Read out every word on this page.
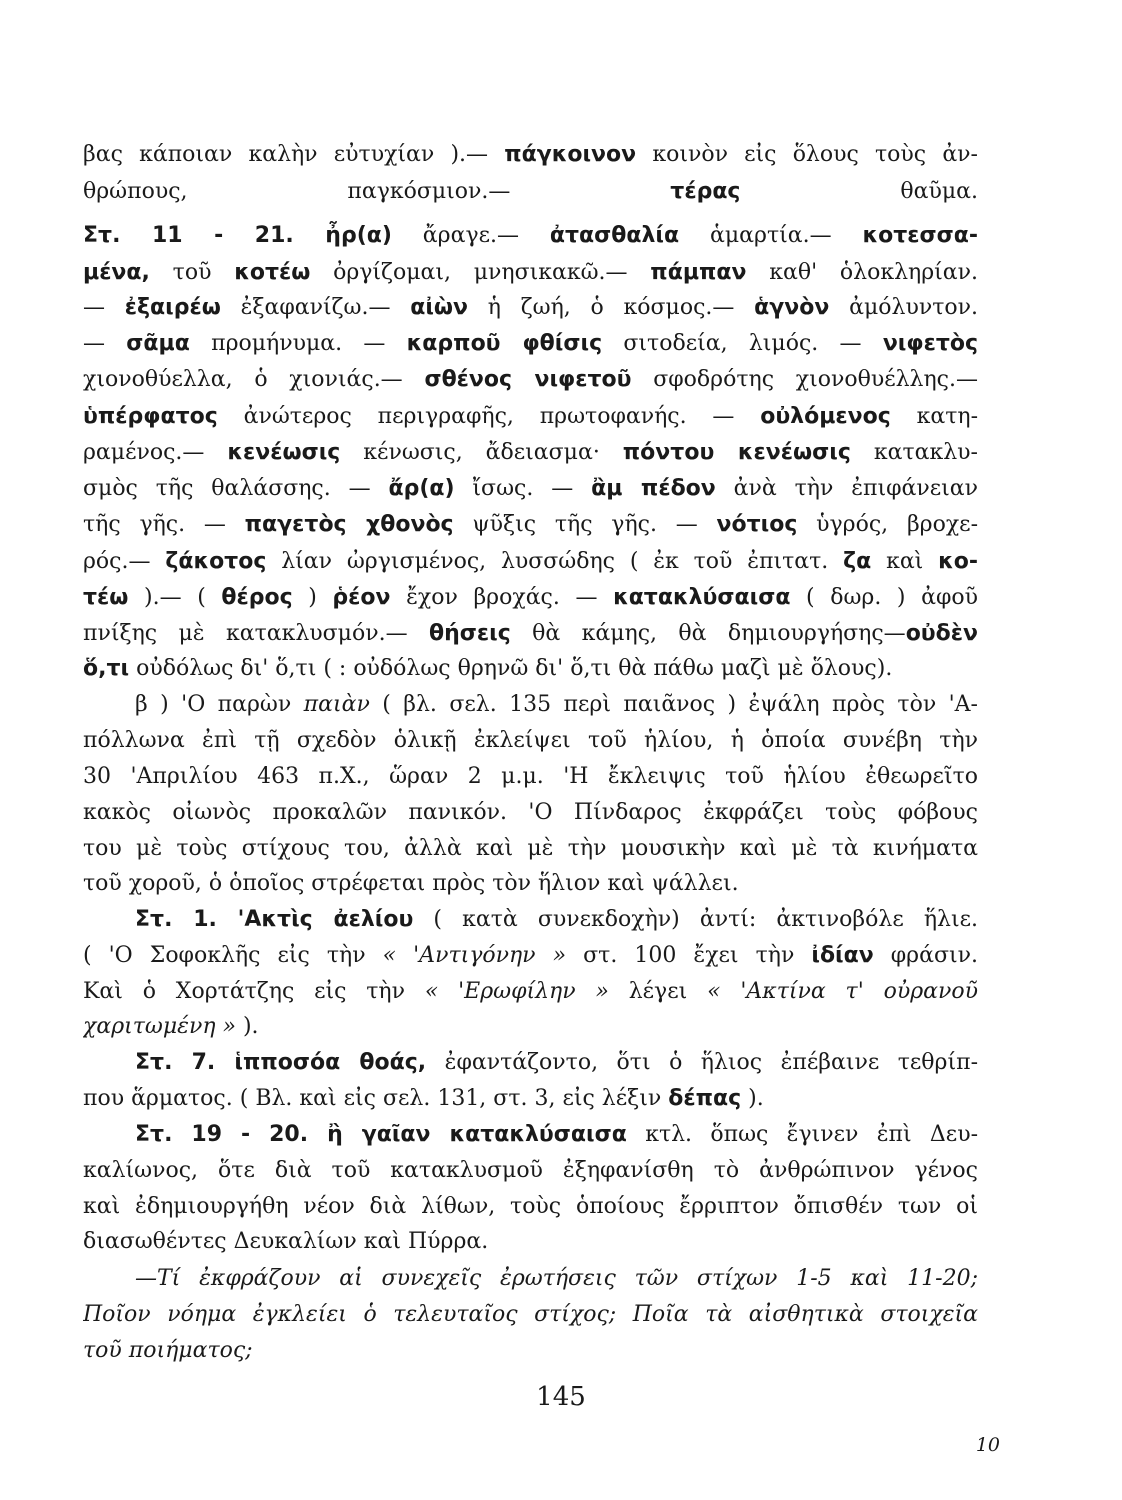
βας κάποιαν καλὴν εὐτυχίαν ).— πάγκοινον κοινὸν εἰς ὅλους τοὺς ἀν-
θρώπους, παγκόσμιον.— τέρας θαῦμα.
Στ. 11 - 21. ἦρ(α) ἄραγε.— ἀτασθαλία ἁμαρτία.— κοτεσσα-
μένα, τοῦ κοτέω ὀργίζομαι, μνησικακῶ.— πάμπαν καθ' ὁλοκληρίαν.
— ἐξαιρέω ἐξαφανίζω.— αἰὼν ἡ ζωή, ὁ κόσμος.— ἁγνὸν ἀμόλυντον.
— σᾶμα προμήνυμα. — καρποῦ φθίσις σιτοδεία, λιμός. — νιφετὸς
χιονοθύελλα, ὁ χιονιάς.— σθένος νιφετοῦ σφοδρότης χιονοθυέλλης.—
ὑπέρφατος ἀνώτερος περιγραφῆς, πρωτοφανής. — οὐλόμενος κατη-
ραμένος.— κενέωσις κένωσις, ἄδειασμα· πόντου κενέωσις κατακλυ-
σμὸς τῆς θαλάσσης. — ἄρ(α) ἴσως. — ἂμ πέδον ἀνὰ τὴν ἐπιφάνειαν
τῆς γῆς. — παγετὸς χθονὸς ψῦξις τῆς γῆς. — νότιος ὑγρός, βροχε-
ρός.— ζάκοτος λίαν ὠργισμένος, λυσσώδης ( ἐκ τοῦ ἐπιτατ. ζα καὶ κο-
τέω ).— ( θέρος ) ῥέον ἔχον βροχάς. — κατακλύσαισα ( δωρ. ) ἀφοῦ
πνίξης μὲ κατακλυσμόν.— θήσεις θὰ κάμης, θὰ δημιουργήσης—οὐδὲν
ὅ,τι οὐδόλως δι' ὅ,τι ( : οὐδόλως θρηνῶ δι' ὅ,τι θὰ πάθω μαζὶ μὲ ὅλους).
β ) 'Ο παρὼν παιὰν ( βλ. σελ. 135 περὶ παιᾶνος ) ἐψάλη πρὸς τὸν 'Α-
πόλλωνα ἐπὶ τῇ σχεδὸν ὁλικῇ ἐκλείψει τοῦ ἡλίου, ἡ ὁποία συνέβη τὴν
30 'Απριλίου 463 π.Χ., ὥραν 2 μ.μ. 'Η ἔκλειψις τοῦ ἡλίου ἐθεωρεῖτο
κακὸς οἰωνὸς προκαλῶν πανικόν. 'Ο Πίνδαρος ἐκφράζει τοὺς φόβους
του μὲ τοὺς στίχους του, ἀλλὰ καὶ μὲ τὴν μουσικὴν καὶ μὲ τὰ κινήματα
τοῦ χοροῦ, ὁ ὁποῖος στρέφεται πρὸς τὸν ἥλιον καὶ ψάλλει.
Στ. 1. 'Ακτὶς ἀελίου ( κατὰ συνεκδοχὴν) ἀντί: ἀκτινοβόλε ἥλιε.
( 'Ο Σοφοκλῆς εἰς τὴν « 'Αντιγόνην » στ. 100 ἔχει τὴν ἰδίαν φράσιν.
Καὶ ὁ Χορτάτζης εἰς τὴν « 'Ερωφίλην » λέγει « 'Ακτίνα τ' οὐρανοῦ
χαριτωμένη » ).
Στ. 7. ἱπποσόα θοάς, ἐφαντάζοντο, ὅτι ὁ ἥλιος ἐπέβαινε τεθρίπ-
που ἅρματος. ( Βλ. καὶ εἰς σελ. 131, στ. 3, εἰς λέξιν δέπας ).
Στ. 19 - 20. ἢ γαῖαν κατακλύσαισα κτλ. ὅπως ἔγινεν ἐπὶ Δευ-
καλίωνος, ὅτε διὰ τοῦ κατακλυσμοῦ ἐξηφανίσθη τὸ ἀνθρώπινον γένος
καὶ ἐδημιουργήθη νέον διὰ λίθων, τοὺς ὁποίους ἔρριπτον ὄπισθέν των οἱ
διασωθέντες Δευκαλίων καὶ Πύρρα.
—Τί ἐκφράζουν αἱ συνεχεῖς ἐρωτήσεις τῶν στίχων 1-5 καὶ 11-20;
Ποῖον νόημα ἐγκλείει ὁ τελευταῖος στίχος; Ποῖα τὰ αἰσθητικὰ στοιχεῖα
τοῦ ποιήματος;
145
10
